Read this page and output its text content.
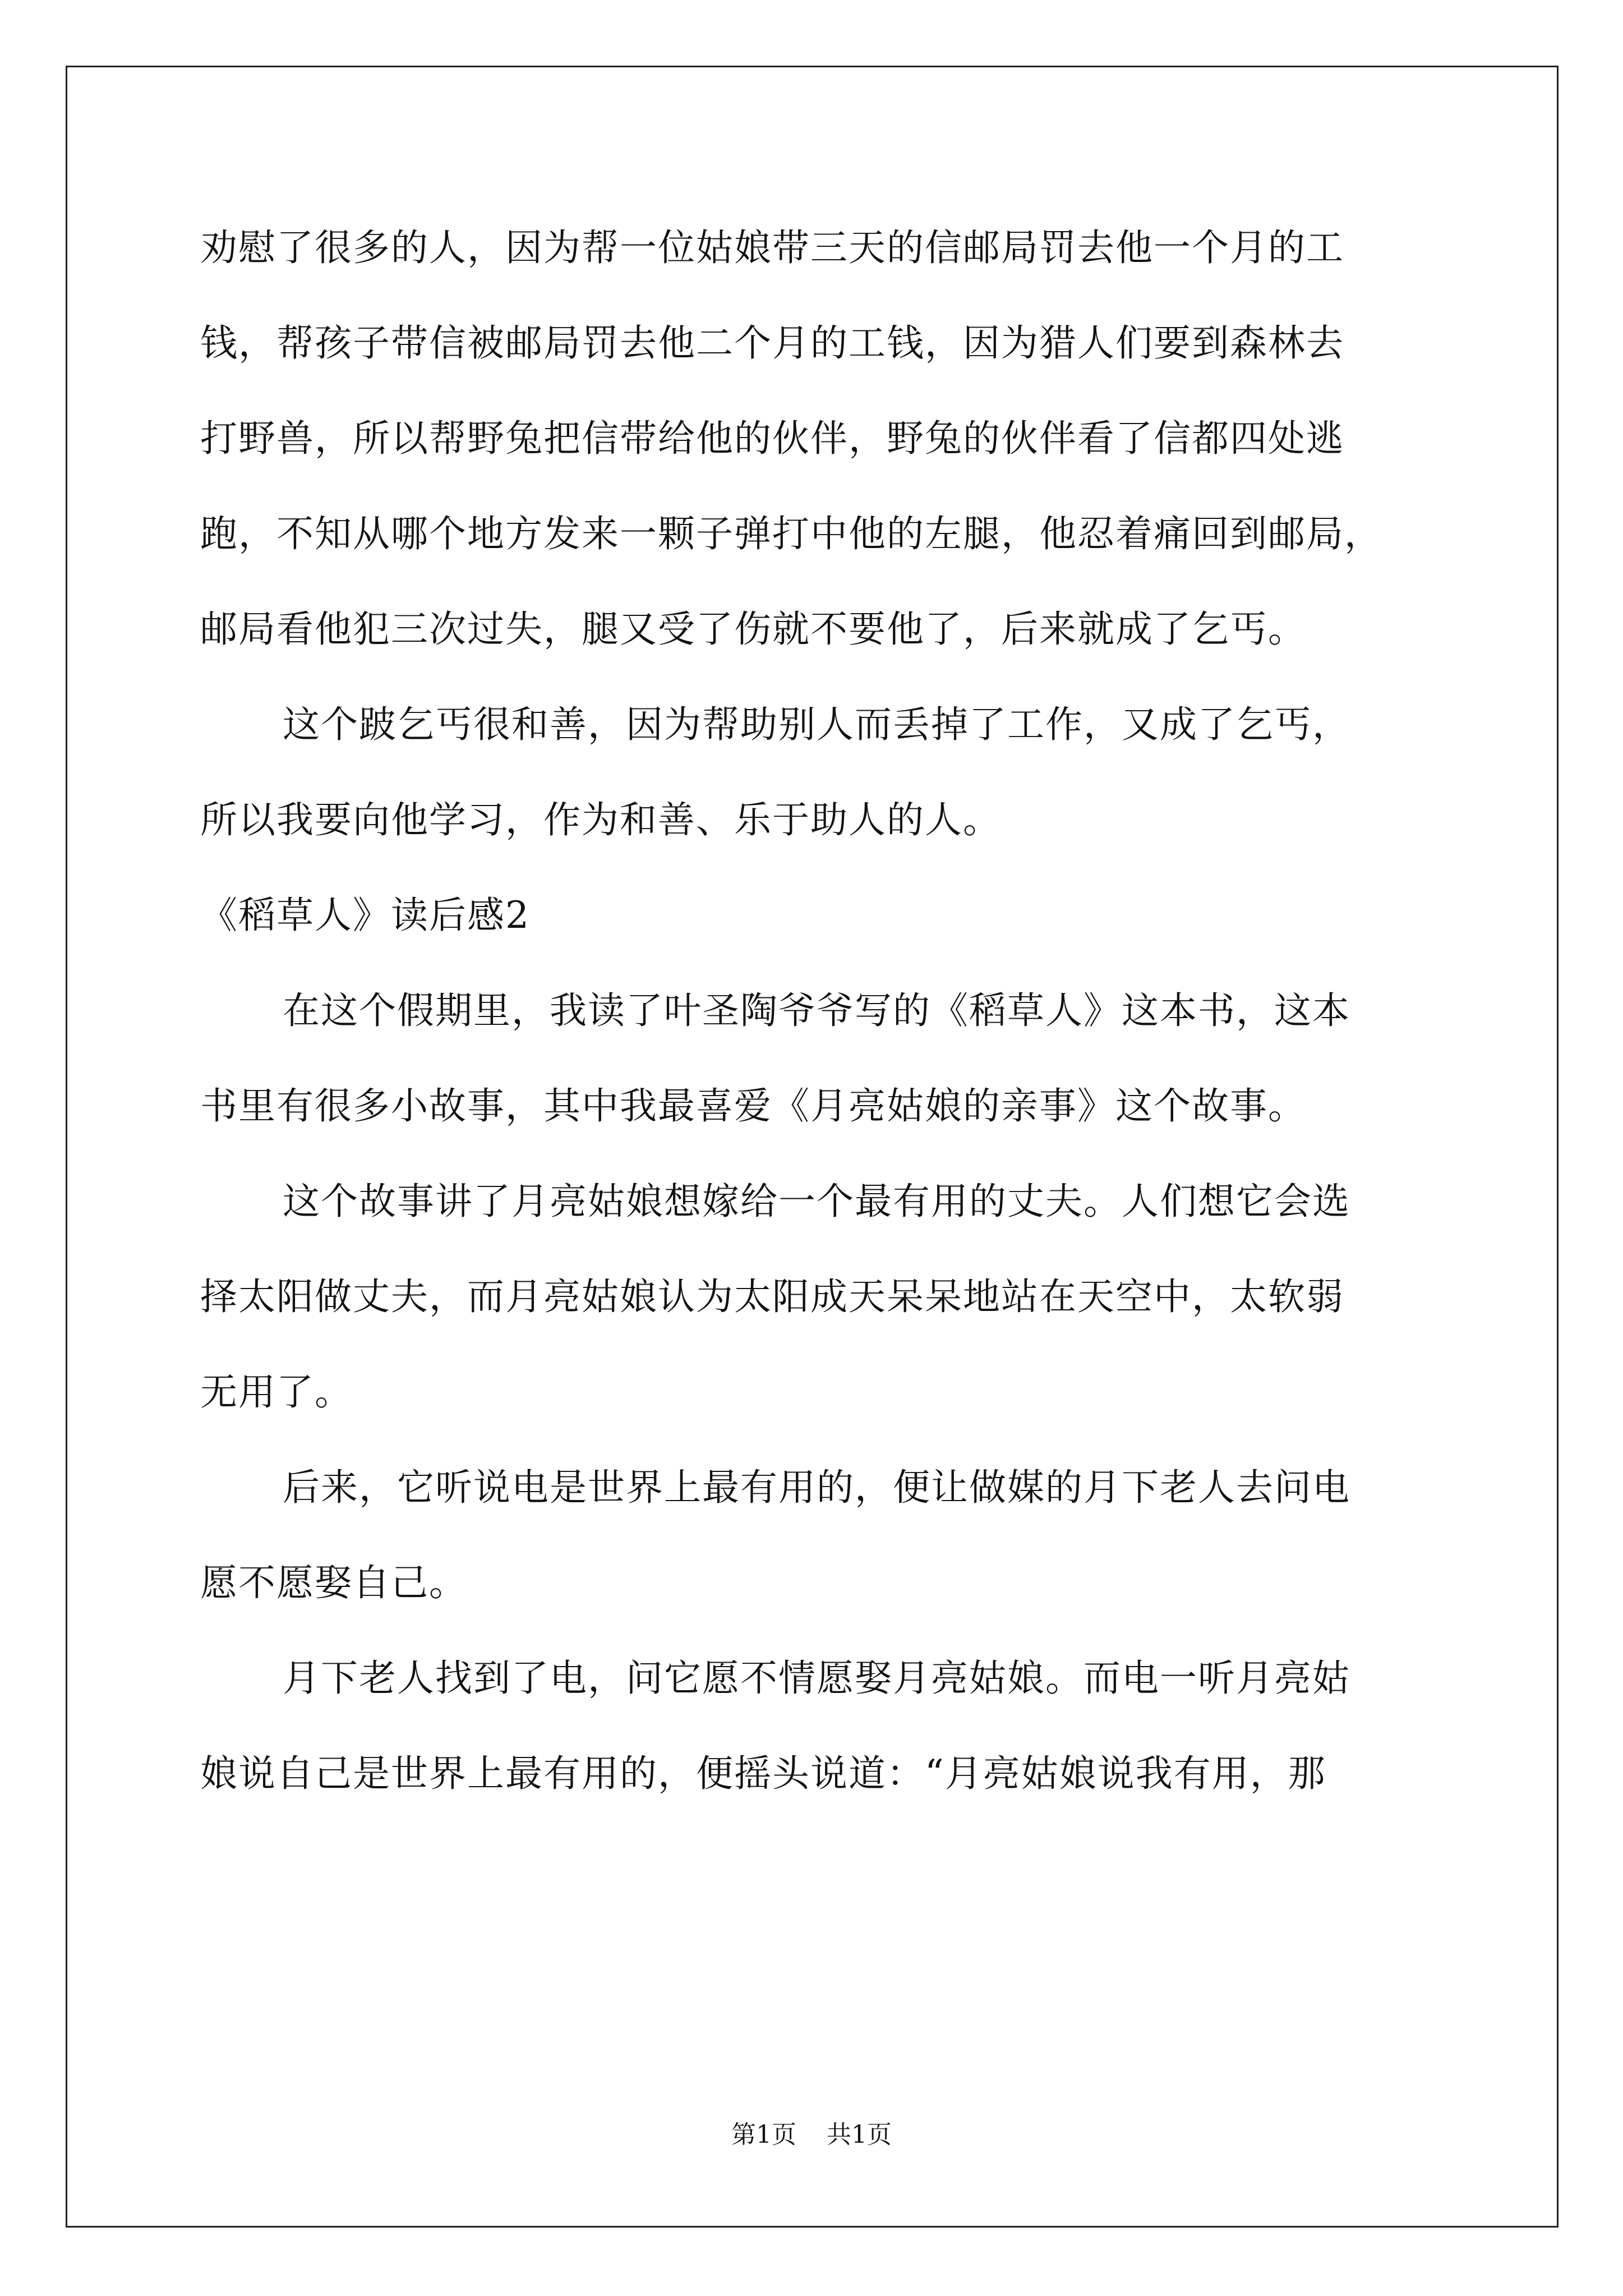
劝慰了很多的人，因为帮一位姑娘带三天的信邮局罚去他一个月的工
钱，帮孩子带信被邮局罚去他二个月的工钱，因为猎人们要到森林去
打野兽，所以帮野兔把信带给他的伙伴，野兔的伙伴看了信都四处逃
跑，不知从哪个地方发来一颗子弹打中他的左腿，他忍着痛回到邮局，
邮局看他犯三次过失，腿又受了伤就不要他了，后来就成了乞丐。
这个跛乞丐很和善，因为帮助别人而丢掉了工作，又成了乞丐，
所以我要向他学习，作为和善、乐于助人的人。
《稻草人》读后感2
在这个假期里，我读了叶圣陶爷爷写的《稻草人》这本书，这本
书里有很多小故事，其中我最喜爱《月亮姑娘的亲事》这个故事。
这个故事讲了月亮姑娘想嫁给一个最有用的丈夫。人们想它会选
择太阳做丈夫，而月亮姑娘认为太阳成天呆呆地站在天空中，太软弱
无用了。
后来，它听说电是世界上最有用的，便让做媒的月下老人去问电
愿不愿娶自己。
月下老人找到了电，问它愿不情愿娶月亮姑娘。而电一听月亮姑
娘说自己是世界上最有用的，便摇头说道：“月亮姑娘说我有用，那
第1页 共1页
